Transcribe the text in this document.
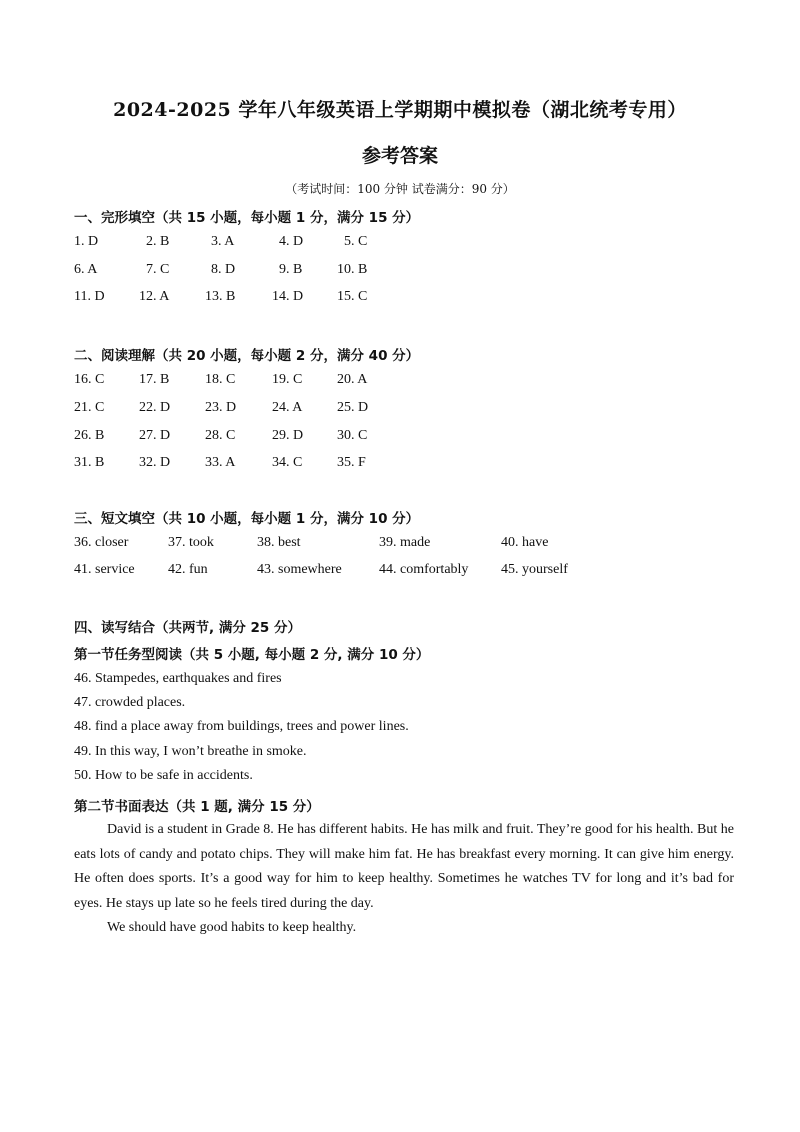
2024-2025 学年八年级英语上学期期中模拟卷（湖北统考专用）
参考答案
（考试时间：100 分钟 试卷满分：90 分）
一、完形填空（共 15 小题，每小题 1 分，满分 15 分）
1. D	2. B	3. A	4. D	5. C
6. A	7. C	8. D	9. B 10. B
11. D 12. A	13. B	14. D 15. C
二、阅读理解（共 20 小题，每小题 2 分，满分 40 分）
16. C 17. B	18. C	19. C 20. A
21. C 22. D 23. D	24. A 25. D
26. B 27. D 28. C	29. D 30. C
31. B 32. D 33. A	34. C 35. F
三、短文填空（共 10 小题，每小题 1 分，满分 10 分）
36. closer	37. took	38. best	39. made	40. have
41. service 42. fun	43. somewhere	44. comfortably 45. yourself
四、读写结合（共两节, 满分 25 分）
第一节任务型阅读（共 5 小题, 每小题 2 分, 满分 10 分）
46. Stampedes, earthquakes and fires
47. crowded places.
48. find a place away from buildings, trees and power lines.
49. In this way, I won’t breathe in smoke.
50. How to be safe in accidents.
第二节书面表达（共 1 题, 满分 15 分）
David is a student in Grade 8. He has different habits. He has milk and fruit. They’re good for his health. But he eats lots of candy and potato chips. They will make him fat. He has breakfast every morning. It can give him energy. He often does sports. It’s a good way for him to keep healthy. Sometimes he watches TV for long and it’s bad for eyes. He stays up late so he feels tired during the day.
We should have good habits to keep healthy.
